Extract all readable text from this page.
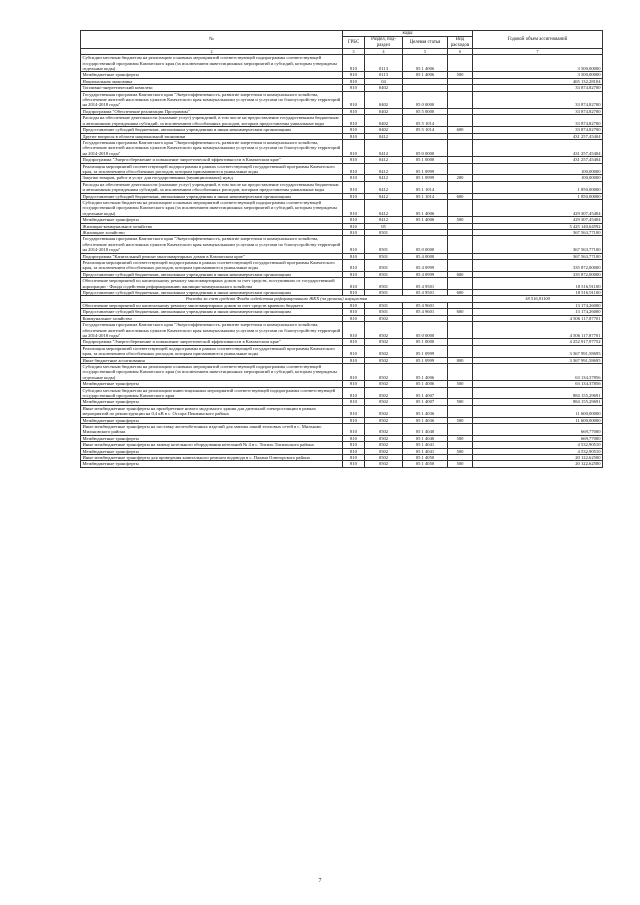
№	коды				Годовой объем ассигнований
	ГРБС	Раздел, под-раздел	Целевая статья	Вид расходов	
2	3	4	5	6	7
Субсидии местным бюджетам на реализацию основных мероприятий соответствующей подпрограммы соответствующей государственной программы Камчатского края (за исключением инвестиционных мероприятий и субсидий, которым утверждены отдельные коды)	810	0113	05 1 4006		3 500,00000
Межбюджетные трансферты	810	0113	05 1 4006	500	3 500,00000
Национальная экономика	810	04			465 132,28104
Топливно-энергетический комплекс	810	0402			33 874,82700
Государственная программа Камчатского края "Энергоэффективность, развитие энергетики и коммунального хозяйства, обеспечение жителей населенных пунктов Камчатского края коммунальными услугами и услугами по благоустройству территорий на 2014-2018 годы"	810	0402	05 0 0000		33 874,82700
Подпрограмма "Обеспечение реализации Программы"	810	0402	05 5 0000		33 874,82700
Расходы на обеспечение деятельности (оказание услуг) учреждений, в том числе на предоставление государственным бюджетным и автономным учреждениям субсидий, за исключением обособленных расходов, которым предоставлены уникальные коды	810	0402	05 5 1014		33 874,82700
Предоставление субсидий бюджетным, автономным учреждениям и иным некоммерческим организациям	810	0402	05 5 1014	600	33 874,82700
Другие вопросы в области национальной экономики	810	0412			431 257,45404
Государственная программа Камчатского края "Энергоэффективность, развитие энергетики и коммунального хозяйства, обеспечение жителей населенных пунктов Камчатского края коммунальными услугами и услугами по благоустройству территорий на 2014-2018 годы"	810	0412	05 0 0000		431 257,45404
Подпрограмма "Энергосбережение и повышение энергетической эффективности в Камчатском крае"	810	0412	05 1 0000		431 257,45404
Реализация мероприятий соответствующей подпрограммы в рамках соответствующей государственной программы Камчатского края, за исключением обособленных расходов, которым присваиваются уникальные коды	810	0412	05 1 0999		100,00000
Закупка товаров, работ и услуг для государственных (муниципальных) нужд	810	0412	05 1 0999	200	100,00000
Расходы на обеспечение деятельности (оказание услуг) учреждений, в том числе на предоставление государственным бюджетным и автономным учреждениям субсидий, за исключением обособленных расходов, которым предоставлены уникальные коды	810	0412	05 1 1014		1 850,00000
Предоставление субсидий бюджетным, автономным учреждениям и иным некоммерческим организациям	810	0412	05 1 1014	600	1 850,00000
Субсидии местным бюджетам на реализацию основных мероприятий соответствующей подпрограммы соответствующей государственной программы Камчатского края (за исключением инвестиционных мероприятий и субсидий, которым утверждены отдельные коды)	810	0412	05 1 4006		429 307,45404
Межбюджетные трансферты	810	0412	05 1 4006	500	429 307,45404
Жилищно-коммунальное хозяйство	810	05			5 425 140,64592
Жилищное хозяйство	810	0501			367 563,77100
Государственная программа Камчатского края "Энергоэффективность, развитие энергетики и коммунального хозяйства, обеспечение жителей населенных пунктов Камчатского края коммунальными услугами и услугами по благоустройству территорий на 2014-2018 годы"	810	0501	05 0 0000		367 563,77100
Подпрограмма "Капитальный ремонт многоквартирных домов в Камчатском крае"	810	0501	05 4 0000		367 563,77100
Реализация мероприятий соответствующей подпрограммы в рамках соответствующей государственной программы Камчатского края, за исключением обособленных расходов, которым присваиваются уникальные коды	810	0501	05 4 0999		335 872,00000
Предоставление субсидий бюджетным, автономным учреждениям и иным некоммерческим организациям	810	0501	05 4 0999	600	335 872,00000
Обеспечение мероприятий по капитальному ремонту многоквартирных домов за счет средств, поступивших от государственной корпорации - Фонда содействия реформированию жилищно-коммунального хозяйства	810	0501	05 4 9501		18 516,91100
Предоставление субсидий бюджетным, автономным учреждениям и иным некоммерческим организациям	810	0501	05 4 9501	600	18 516,91100
Расходы за счет средств Фонда содействия реформированию ЖКХ (за уровень) имущества					18 516,91100
Обеспечение мероприятий по капитальному ремонту многоквартирных домов за счет средств краевого бюджета	810	0501	05 4 9601		13 174,26000
Предоставление субсидий бюджетным, автономным учреждениям и иным некоммерческим организациям	810	0501	05 4 9601	600	13 174,26000
Коммунальное хозяйство	810	0502			4 506 117,87701
Государственная программа Камчатского края "Энергоэффективность, развитие энергетики и коммунального хозяйства, обеспечение жителей населенных пунктов Камчатского края коммунальными услугами и услугами по благоустройству территорий на 2014-2018 годы"	810	0502	05 0 0000		4 506 117,87701
Подпрограмма "Энергосбережение и повышение энергетической эффективности в Камчатском крае"	810	0502	05 1 0000		4 252 917,97752
Реализация мероприятий соответствующей подпрограммы в рамках соответствующей государственной программы Камчатского края, за исключением обособленных расходов, которым присваиваются уникальные коды	810	0502	05 1 0999		3 367 991,58695
Иные бюджетные ассигнования	810	0502	05 1 0999	800	3 367 991,58695
Субсидии местным бюджетам на реализацию основных мероприятий соответствующей подпрограммы соответствующей государственной программы Камчатского края (за исключением инвестиционных мероприятий и субсидий, которым утверждены отдельные коды)	810	0502	05 1 4006		63 134,37856
Межбюджетные трансферты	810	0502	05 1 4006	500	63 134,37856
Субсидии местным бюджетам на реализацию инвестиционных мероприятий соответствующей подпрограммы соответствующей государственной программы Камчатского края	810	0502	05 1 4007		884 155,29691
Межбюджетные трансферты	810	0502	05 1 4007	500	884 155,29691
Иные межбюджетные трансферты на приобретение нового модульного здания для дизельной электростанции в рамках мероприятий по реконструкции на 0,4 кВ в с. Оссора Пенжинского района	810	0502	05 1 4036		11 600,00000
Межбюджетные трансферты	810	0502	05 1 4036	500	11 600,00000
Иные межбюджетные трансферты на поставку железобетонных изделий для замены линий тепловых сетей в с. Мильково Мильковского района	810	0502	05 1 4040		669,77000
Межбюджетные трансферты	810	0502	05 1 4040	500	669,77000
Иные межбюджетные трансферты на замену котельного оборудования котельной № 4 в с. Тигиль Тигильского района	810	0502	05 1 4041		4 532,90510
Межбюджетные трансферты	810	0502	05 1 4041	500	4 532,90510
Иные межбюджетные трансферты для проведения капитального ремонта водовода в с. Палана Олюторского района	810	0502	05 1 4050		20 122,62500
Межбюджетные трансферты	810	0502	05 1 4050	500	20 122,62500
7
